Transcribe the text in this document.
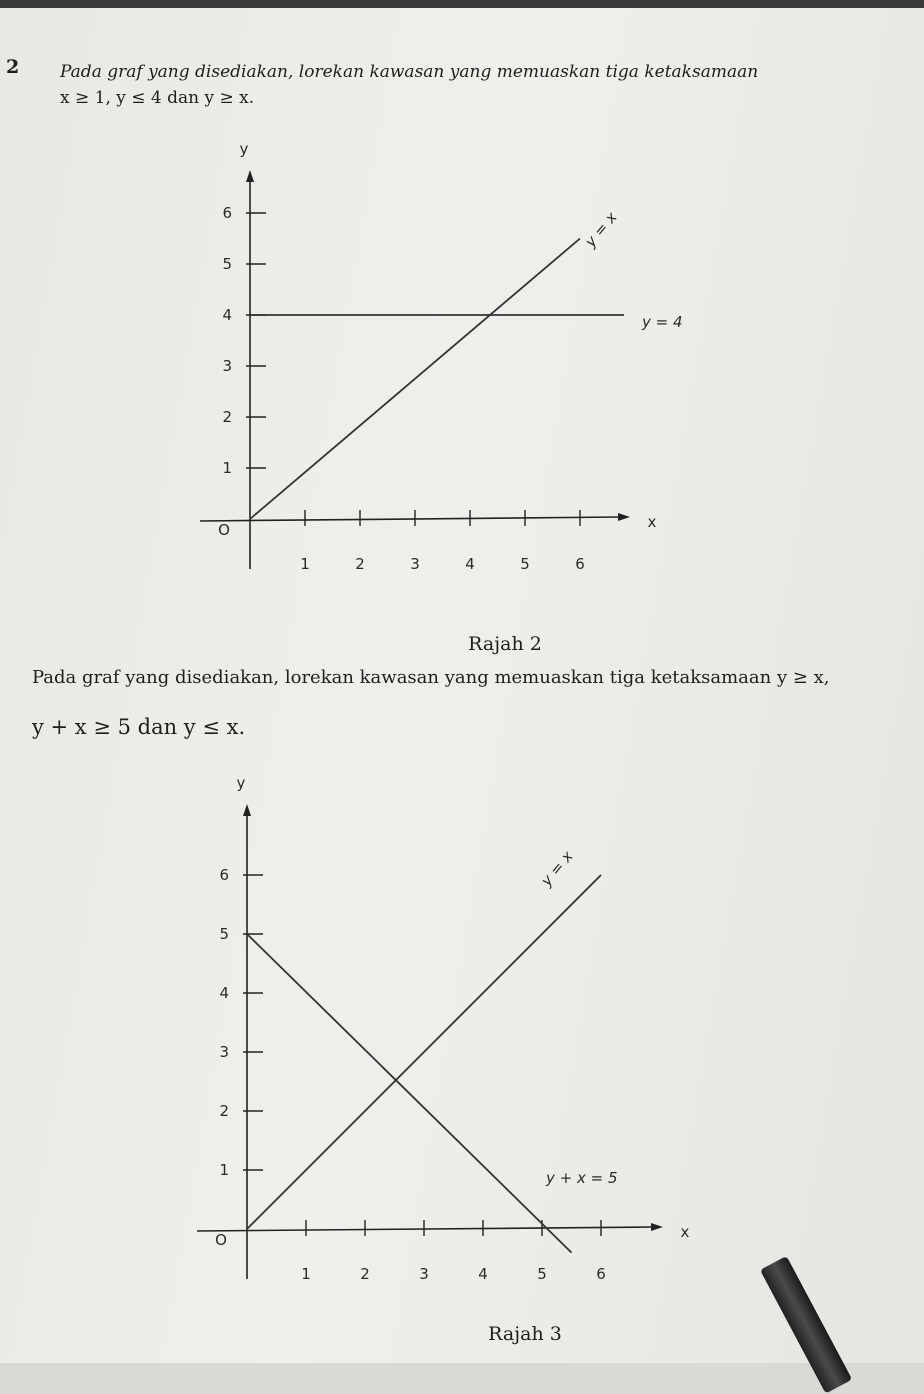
2 Pada graf yang disediakan, lorekan kawasan yang memuaskan tiga ketaksamaan
x ≥ 1, y ≤ 4 dan y ≥ x.
1	2	3	4	5	6
1
2
3
4
5
6
y
x
O
y = x
y = 4
Rajah 2
Pada graf yang disediakan, lorekan kawasan yang memuaskan tiga ketaksamaan y ≥ x,
y + x ≥ 5 dan y ≤ x.
1	2	3	4	5	6
1
2
3
4
5
6
y
x
O
y = x
y + x = 5
Rajah 3
